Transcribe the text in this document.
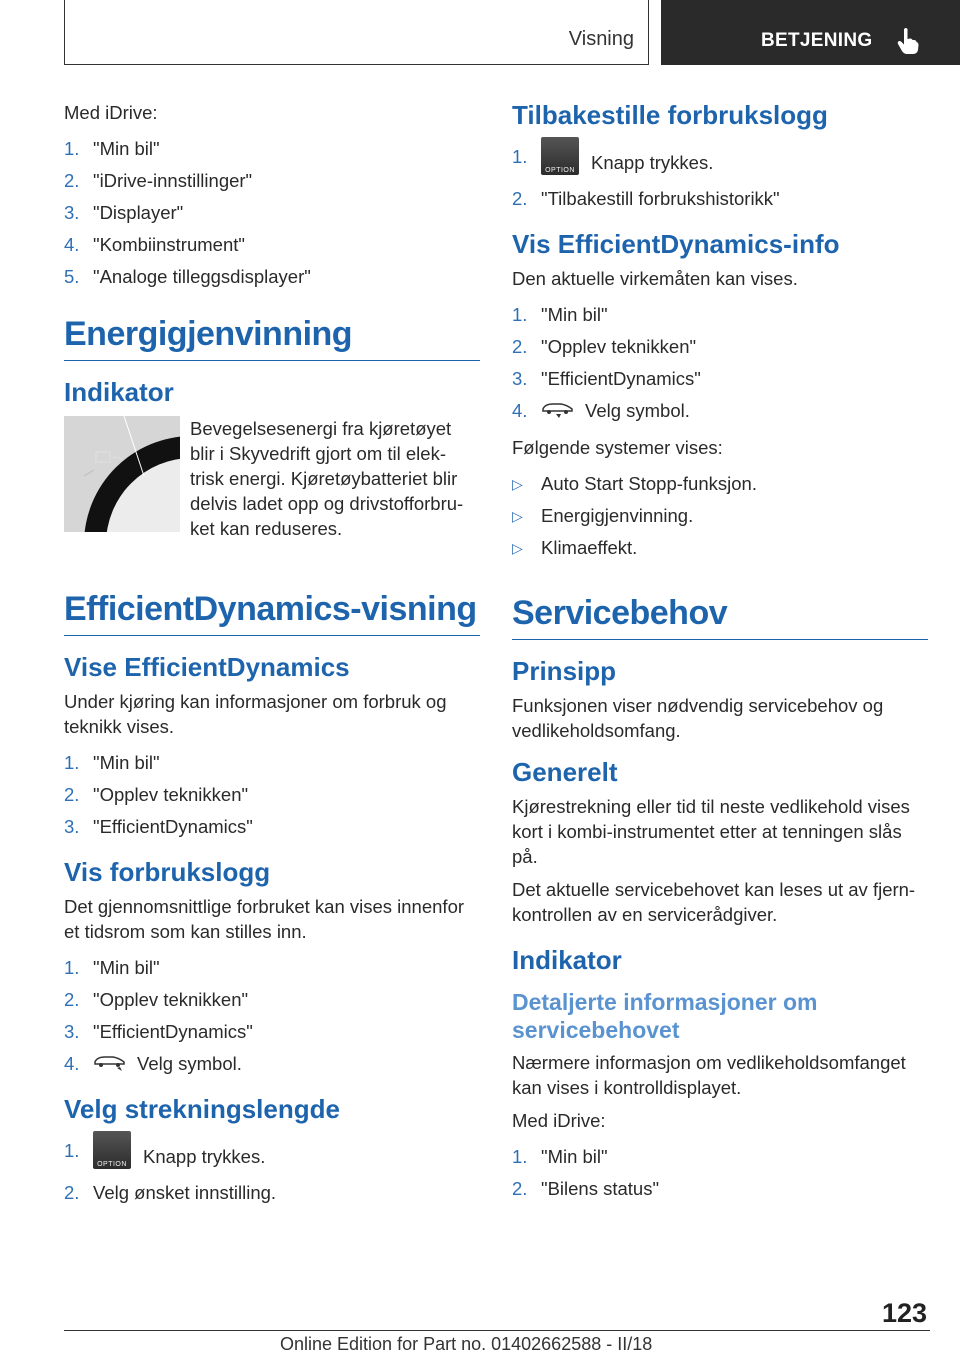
Visning	BETJENING

Med iDrive:

1. "Min bil"
2. "iDrive-innstillinger"
3. "Displayer"
4. "Kombiinstrument"
5. "Analoge tilleggsdisplayer"
Energigjenvinning
Indikator

Bevegelsesenergi fra kjøretøyet blir i Skyvedrift gjort om til elek- trisk energi. Kjøretøybatteriet blir delvis ladet opp og drivstofforbru- ket kan reduseres.

EfficientDynamics-visning
Vise EfficientDynamics

Under kjøring kan informasjoner om forbruk og teknikk vises.

1. "Min bil"
2. "Opplev teknikken"
3. "EfficientDynamics"
Vis forbrukslogg

Det gjennomsnittlige forbruket kan vises innenfor et tidsrom som kan stilles inn.

1. "Min bil"
2. "Opplev teknikken"
3. "EfficientDynamics"
4.	Velg symbol.
Velg strekningslengde
1.
OPTION Knapp trykkes.
2. Velg ønsket innstilling.
Tilbakestille forbrukslogg
1.
OPTION Knapp trykkes.
2. "Tilbakestill forbrukshistorikk"
Vis EfficientDynamics-info

Den aktuelle virkemåten kan vises.

1. "Min bil"
2. "Opplev teknikken"
3. "EfficientDynamics"
4.	Velg symbol.

Følgende systemer vises:

▷ Auto Start Stopp-funksjon.
▷ Energigjenvinning.
▷ Klimaeffekt.
Servicebehov
Prinsipp

Funksjonen viser nødvendig servicebehov og vedlikeholdsomfang.

Generelt

Kjørestrekning eller tid til neste vedlikehold vises kort i kombi-instrumentet etter at tenningen slås på.

Det aktuelle servicebehovet kan leses ut av fjern- kontrollen av en servicerådgiver.

Indikator
Detaljerte informasjoner om servicebehovet

Nærmere informasjon om vedlikeholdsomfanget kan vises i kontrolldisplayet.

Med iDrive:

1. "Min bil"
2. "Bilens status"
123
Online Edition for Part no. 01402662588 - II/18
